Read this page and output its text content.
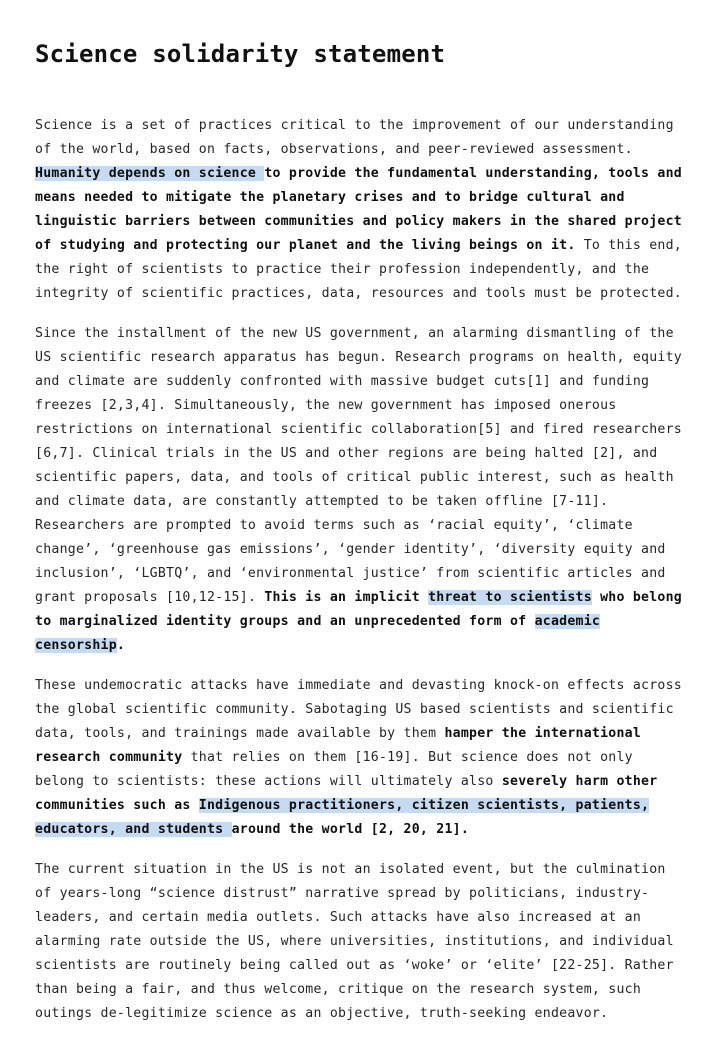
Science solidarity statement

Science is a set of practices critical to the improvement of our understanding of the world, based on facts, observations, and peer-reviewed assessment. Humanity depends on science to provide the fundamental understanding, tools and means needed to mitigate the planetary crises and to bridge cultural and linguistic barriers between communities and policy makers in the shared project of studying and protecting our planet and the living beings on it. To this end, the right of scientists to practice their profession independently, and the integrity of scientific practices, data, resources and tools must be protected.

Since the installment of the new US government, an alarming dismantling of the US scientific research apparatus has begun. Research programs on health, equity and climate are suddenly confronted with massive budget cuts[1] and funding freezes [2,3,4]. Simultaneously, the new government has imposed onerous restrictions on international scientific collaboration[5] and fired researchers [6,7]. Clinical trials in the US and other regions are being halted [2], and scientific papers, data, and tools of critical public interest, such as health and climate data, are constantly attempted to be taken offline [7-11]. Researchers are prompted to avoid terms such as ‘racial equity’, ‘climate change’, ‘greenhouse gas emissions’, ‘gender identity’, ‘diversity equity and inclusion’, ‘LGBTQ’, and ‘environmental justice’ from scientific articles and grant proposals [10,12-15]. This is an implicit threat to scientists who belong to marginalized identity groups and an unprecedented form of academic censorship.

These undemocratic attacks have immediate and devasting knock-on effects across the global scientific community. Sabotaging US based scientists and scientific data, tools, and trainings made available by them hamper the international research community that relies on them [16-19]. But science does not only belong to scientists: these actions will ultimately also severely harm other communities such as Indigenous practitioners, citizen scientists, patients, educators, and students around the world [2, 20, 21].

The current situation in the US is not an isolated event, but the culmination of years-long “science distrust” narrative spread by politicians, industry-leaders, and certain media outlets. Such attacks have also increased at an alarming rate outside the US, where universities, institutions, and individual scientists are routinely being called out as ‘woke’ or ‘elite’ [22-25]. Rather than being a fair, and thus welcome, critique on the research system, such outings de-legitimize science as an objective, truth-seeking endeavor.
